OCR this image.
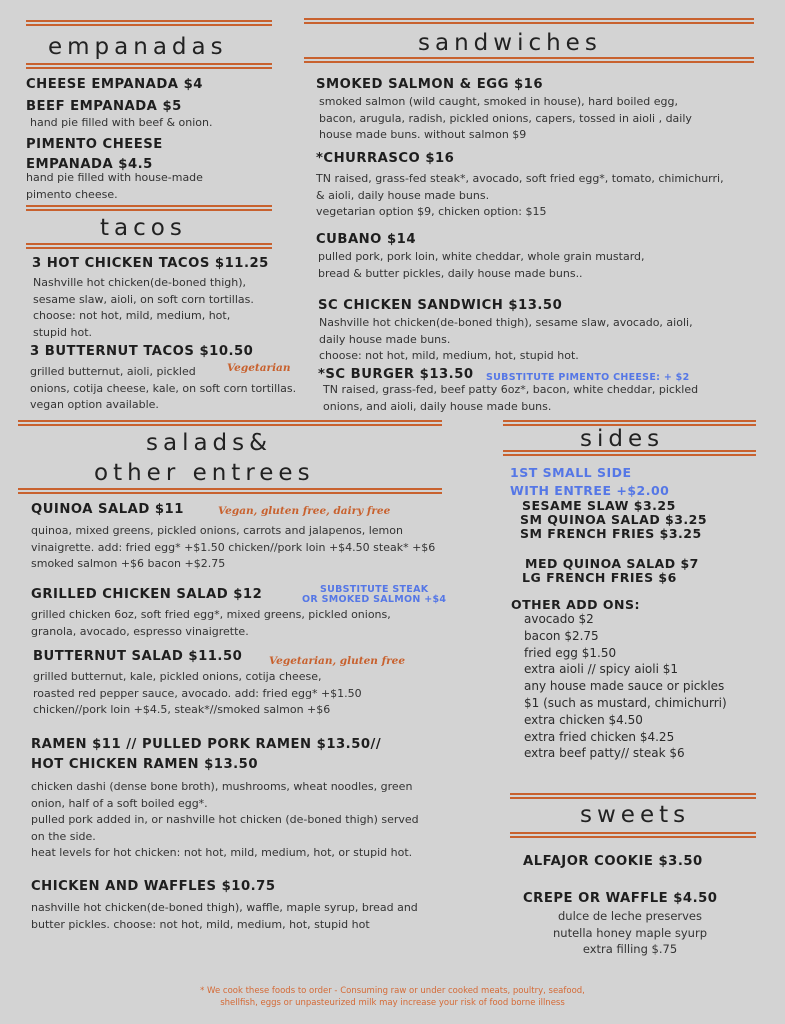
empanadas
CHEESE EMPANADA $4
BEEF EMPANADA $5
hand pie filled with beef & onion.
PIMENTO CHEESE
EMPANADA $4.5
hand pie filled with house-made
pimento cheese.
tacos
3 HOT CHICKEN TACOS $11.25
Nashville hot chicken(de-boned thigh),
sesame slaw, aioli, on soft corn tortillas.
choose: not hot, mild, medium, hot,
stupid hot.
3 BUTTERNUT TACOS $10.50
Vegetarian
grilled butternut, aioli, pickled
onions, cotija cheese, kale, on soft corn tortillas.
vegan option available.
sandwiches
SMOKED SALMON & EGG $16
smoked salmon (wild caught, smoked in house), hard boiled egg,
bacon, arugula, radish, pickled onions, capers, tossed in aioli , daily
house made buns. without salmon $9
*CHURRASCO $16
TN raised, grass-fed steak*, avocado, soft fried egg*, tomato, chimichurri,
& aioli, daily house made buns.
vegetarian option $9, chicken option: $15
CUBANO $14
pulled pork, pork loin, white cheddar, whole grain mustard,
bread & butter pickles, daily house made buns..
SC CHICKEN SANDWICH $13.50
Nashville hot chicken(de-boned thigh), sesame slaw, avocado, aioli,
daily house made buns.
choose: not hot, mild, medium, hot, stupid hot.
*SC BURGER $13.50 SUBSTITUTE PIMENTO CHEESE: + $2
TN raised, grass-fed, beef patty 6oz*, bacon, white cheddar, pickled
onions, and aioli, daily house made buns.
salads&
other entrees
QUINOA SALAD $11	Vegan, gluten free, dairy free
quinoa, mixed greens, pickled onions, carrots and jalapenos, lemon
vinaigrette. add: fried egg* +$1.50 chicken//pork loin +$4.50 steak* +$6
smoked salmon +$6 bacon +$2.75
GRILLED CHICKEN SALAD $12	SUBSTITUTE STEAK
OR SMOKED SALMON +$4
grilled chicken 6oz, soft fried egg*, mixed greens, pickled onions,
granola, avocado, espresso vinaigrette.
BUTTERNUT SALAD $11.50	Vegetarian, gluten free
grilled butternut, kale, pickled onions, cotija cheese,
roasted red pepper sauce, avocado. add: fried egg* +$1.50
chicken//pork loin +$4.5, steak*//smoked salmon +$6
RAMEN $11 // PULLED PORK RAMEN $13.50//
HOT CHICKEN RAMEN $13.50
chicken dashi (dense bone broth), mushrooms, wheat noodles, green
onion, half of a soft boiled egg*.
pulled pork added in, or nashville hot chicken (de-boned thigh) served
on the side.
heat levels for hot chicken: not hot, mild, medium, hot, or stupid hot.
CHICKEN AND WAFFLES $10.75
nashville hot chicken(de-boned thigh), waffle, maple syrup, bread and
butter pickles. choose: not hot, mild, medium, hot, stupid hot
sides
1ST SMALL SIDE
WITH ENTREE +$2.00
SESAME SLAW $3.25
SM QUINOA SALAD $3.25
SM FRENCH FRIES $3.25
MED QUINOA SALAD $7
LG FRENCH FRIES $6
OTHER ADD ONS:
avocado $2
bacon $2.75
fried egg $1.50
extra aioli // spicy aioli $1
any house made sauce or pickles
$1 (such as mustard, chimichurri)
extra chicken $4.50
extra fried chicken $4.25
extra beef patty// steak $6
sweets
ALFAJOR COOKIE $3.50
CREPE OR WAFFLE $4.50
dulce de leche preserves
nutella honey maple syurp
extra filling $.75
* We cook these foods to order - Consuming raw or under cooked meats, poultry, seafood,
shellfish, eggs or unpasteurized milk may increase your risk of food borne illness
